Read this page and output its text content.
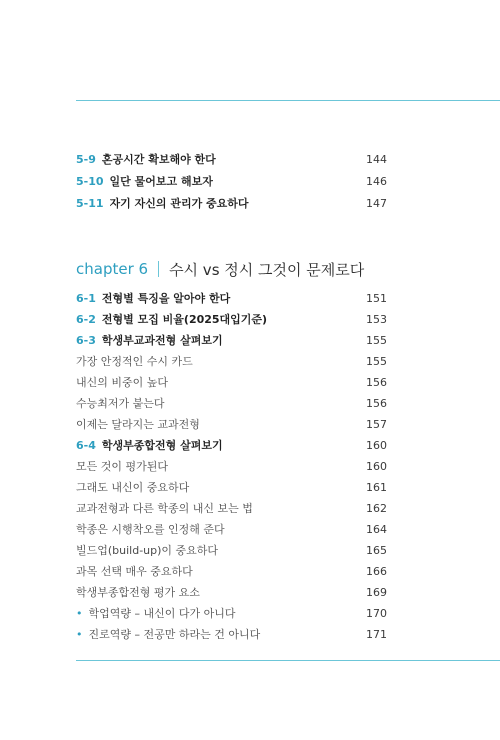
5-9 혼공시간 확보해야 한다	144
5-10 일단 물어보고 해보자	146
5-11 자기 자신의 관리가 중요하다	147
chapter 6 수시 vs 정시 그것이 문제로다
6-1 전형별 특징을 알아야 한다	151
6-2 전형별 모집 비율(2025대입기준)	153
6-3 학생부교과전형 살펴보기	155
가장 안정적인 수시 카드	155
내신의 비중이 높다	156
수능최저가 붙는다	156
이제는 달라지는 교과전형	157
6-4 학생부종합전형 살펴보기	160
모든 것이 평가된다	160
그래도 내신이 중요하다	161
교과전형과 다른 학종의 내신 보는 법	162
학종은 시행착오를 인정해 준다	164
빌드업(build-up)이 중요하다	165
과목 선택 매우 중요하다	166
학생부종합전형 평가 요소	169
• 학업역량 – 내신이 다가 아니다	170
• 진로역량 – 전공만 하라는 건 아니다	171
